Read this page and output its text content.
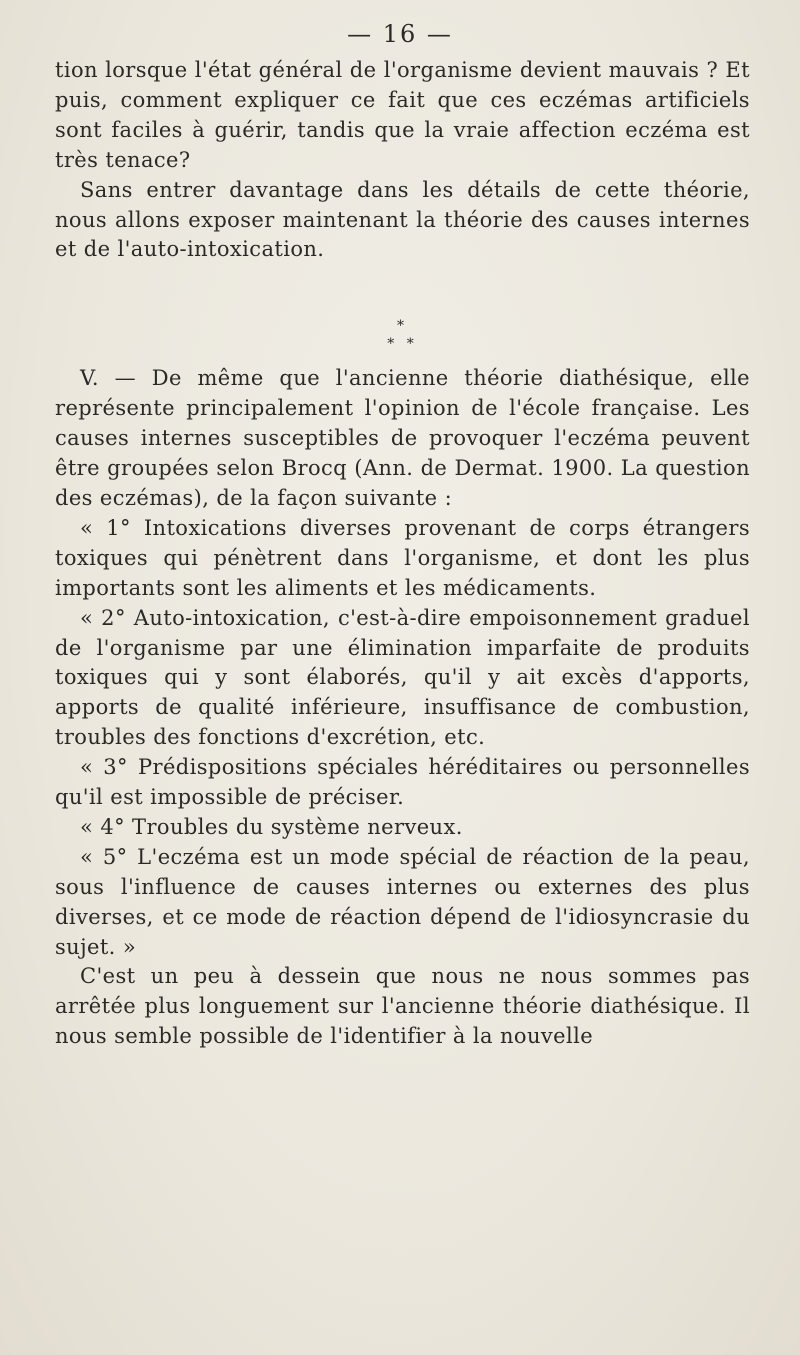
— 16 —

tion lorsque l'état général de l'organisme devient mauvais ? Et puis, comment expliquer ce fait que ces eczémas artificiels sont faciles à guérir, tandis que la vraie affection eczéma est très tenace?

Sans entrer davantage dans les détails de cette théorie, nous allons exposer maintenant la théorie des causes internes et de l'auto-intoxication.

*
* *

V. — De même que l'ancienne théorie diathésique, elle représente principalement l'opinion de l'école française. Les causes internes susceptibles de provoquer l'eczéma peuvent être groupées selon Brocq (Ann. de Dermat. 1900. La question des eczémas), de la façon suivante :

« 1° Intoxications diverses provenant de corps étrangers toxiques qui pénètrent dans l'organisme, et dont les plus importants sont les aliments et les médicaments.

« 2° Auto-intoxication, c'est-à-dire empoisonnement graduel de l'organisme par une élimination imparfaite de produits toxiques qui y sont élaborés, qu'il y ait excès d'apports, apports de qualité inférieure, insuffisance de combustion, troubles des fonctions d'excrétion, etc.

« 3° Prédispositions spéciales héréditaires ou personnelles qu'il est impossible de préciser.

« 4° Troubles du système nerveux.

« 5° L'eczéma est un mode spécial de réaction de la peau, sous l'influence de causes internes ou externes des plus diverses, et ce mode de réaction dépend de l'idiosyncrasie du sujet. »

C'est un peu à dessein que nous ne nous sommes pas arrêtée plus longuement sur l'ancienne théorie diathésique. Il nous semble possible de l'identifier à la nouvelle
